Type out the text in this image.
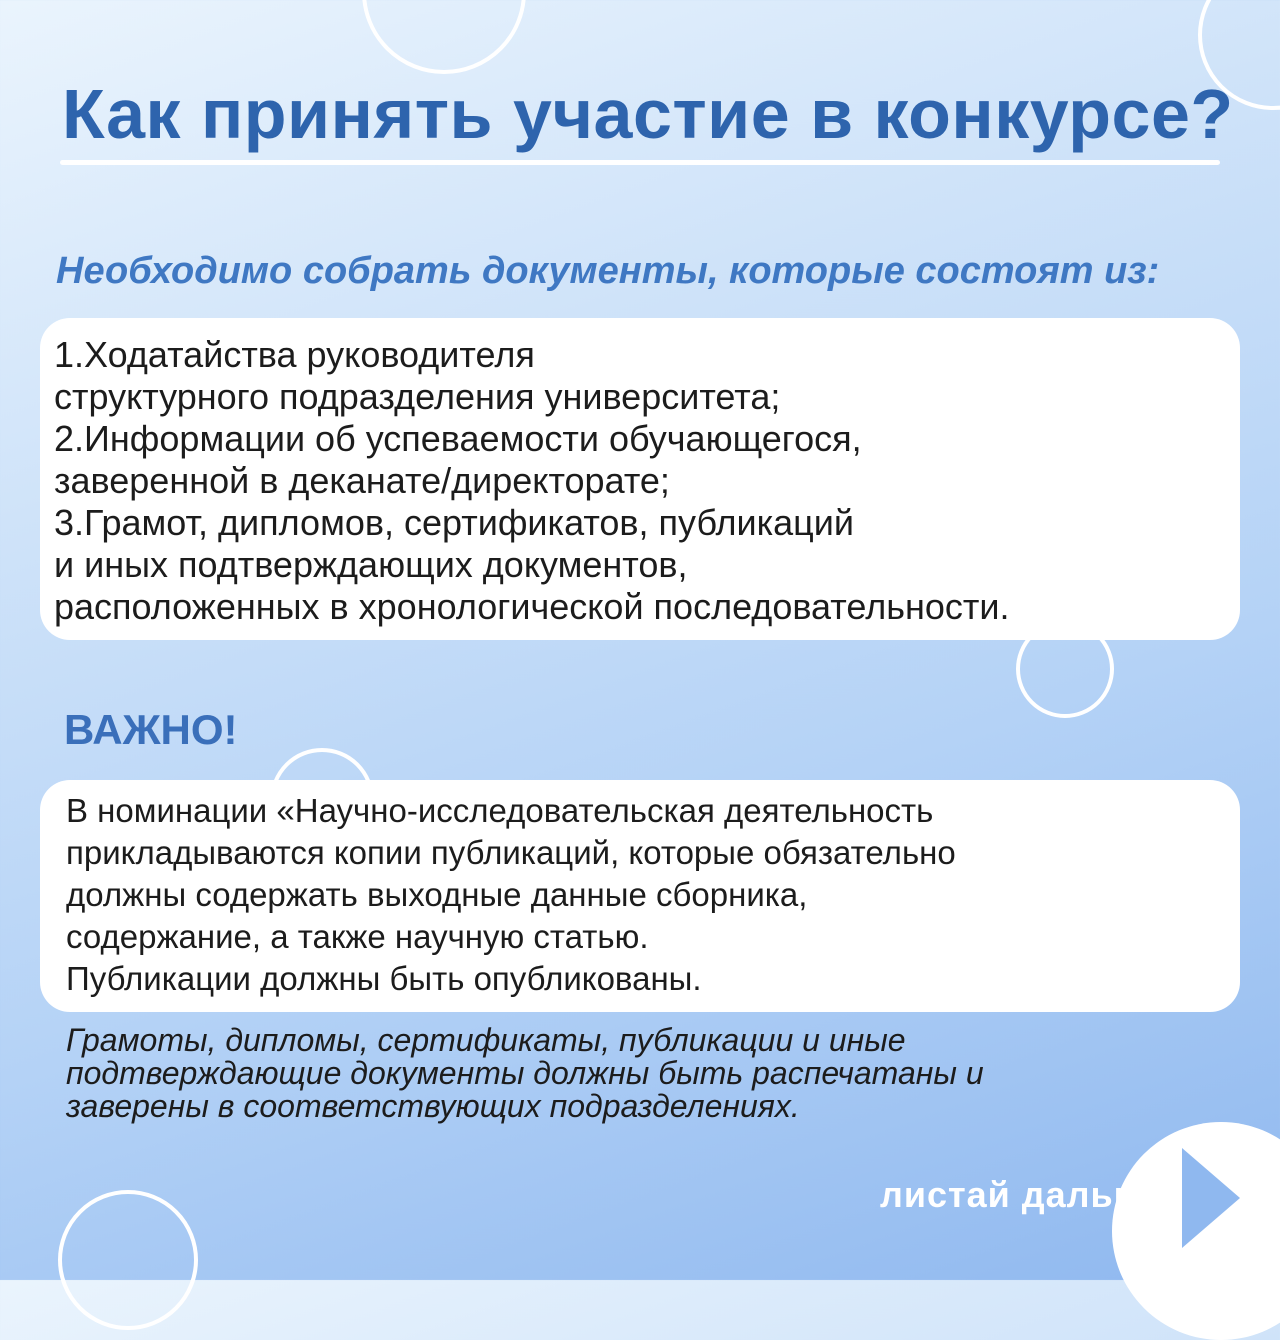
Как принять участие в конкурсе?
Необходимо собрать документы, которые состоят из:
1.Ходатайства руководителя
структурного подразделения университета;
2.Информации об успеваемости обучающегося,
заверенной в деканате/директорате;
3.Грамот, дипломов, сертификатов, публикаций
и иных подтверждающих документов,
расположенных в хронологической последовательности.
ВАЖНО!
В номинации «Научно-исследовательская деятельность
прикладываются копии публикаций, которые обязательно
должны содержать выходные данные сборника,
содержание, а также научную статью.
Публикации должны быть опубликованы.
Грамоты, дипломы, сертификаты, публикации и иные
подтверждающие документы должны быть распечатаны и
заверены в соответствующих подразделениях.
листай дальше
